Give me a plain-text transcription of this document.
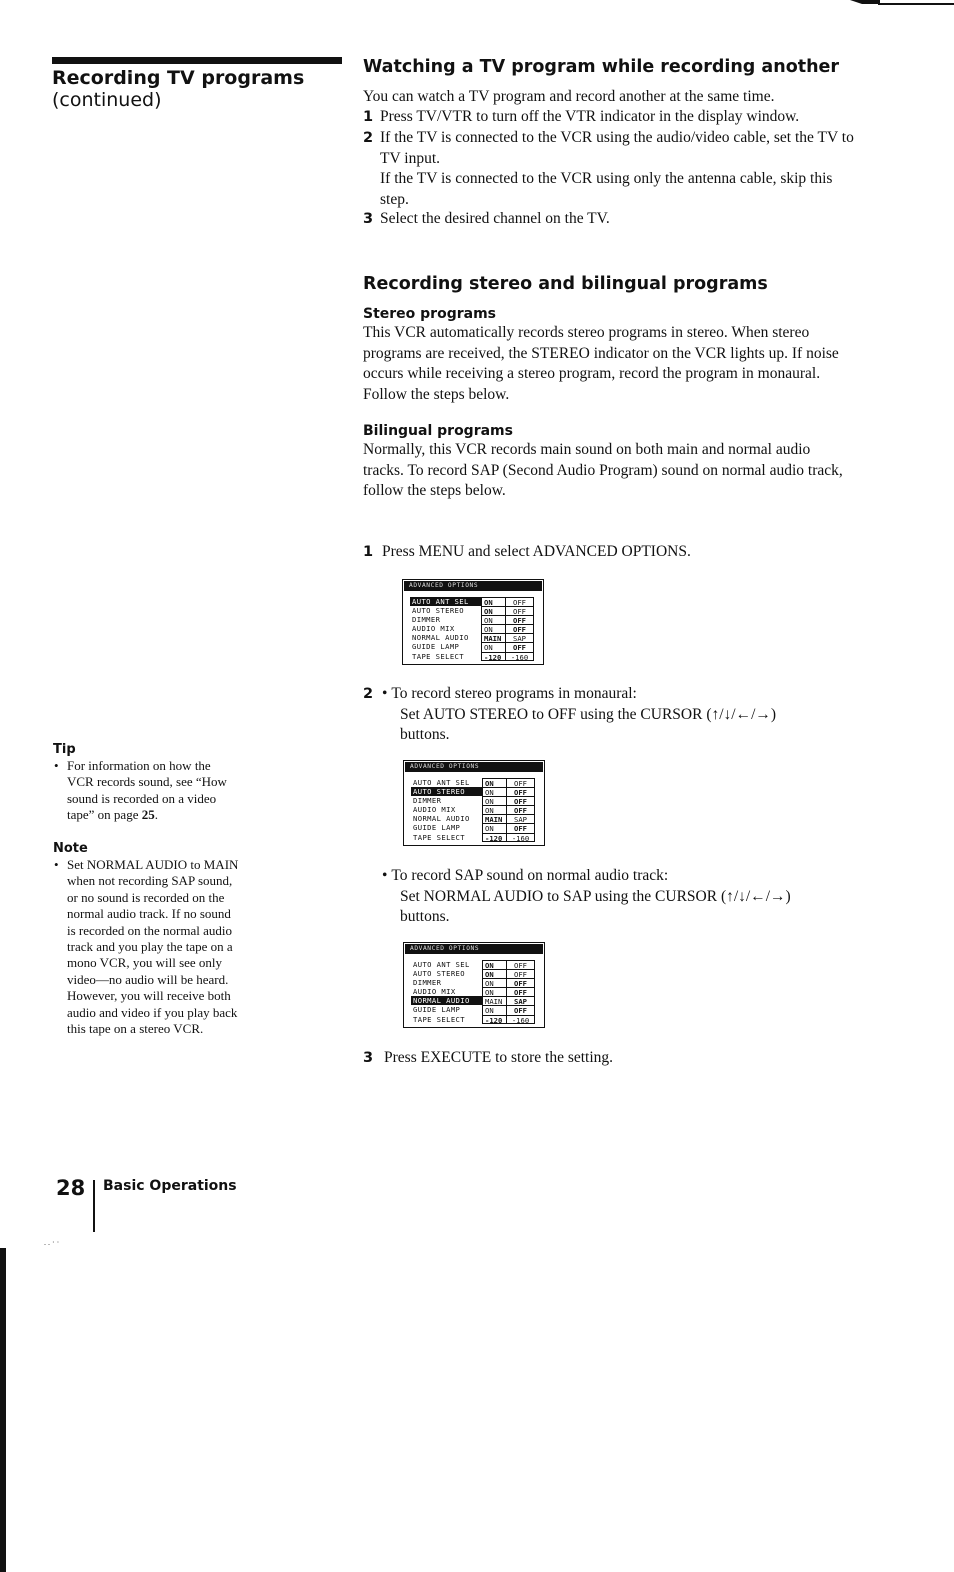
Recording TV programs
(continued)
Tip
• For information on how the VCR records sound, see “How sound is recorded on a video tape” on page 25.
Note
• Set NORMAL AUDIO to MAIN when not recording SAP sound, or no sound is recorded on the normal audio track. If no sound is recorded on the normal audio track and you play the tape on a mono VCR, you will see only video—no audio will be heard. However, you will receive both audio and video if you play back this tape on a stereo VCR.
Watching a TV program while recording another
You can watch a TV program and record another at the same time.
1 Press TV/VTR to turn off the VTR indicator in the display window.
2 If the TV is connected to the VCR using the audio/video cable, set the TV to TV input.
If the TV is connected to the VCR using only the antenna cable, skip this step.
3 Select the desired channel on the TV.
Recording stereo and bilingual programs
Stereo programs
This VCR automatically records stereo programs in stereo. When stereo programs are received, the STEREO indicator on the VCR lights up. If noise occurs while receiving a stereo program, record the program in monaural. Follow the steps below.
Bilingual programs
Normally, this VCR records main sound on both main and normal audio tracks. To record SAP (Second Audio Program) sound on normal audio track, follow the steps below.
1 Press MENU and select ADVANCED OPTIONS.
ADVANCED OPTIONS
AUTO ANT SEL	ON	OFF
AUTO STEREO	ON	OFF
DIMMER	ON	OFF
AUDIO MIX	ON	OFF
NORMAL AUDIO	MAIN	SAP
GUIDE LAMP	ON	OFF
TAPE SELECT	-120	-160
2 • To record stereo programs in monaural:
Set AUTO STEREO to OFF using the CURSOR (↑/↓/←/→)
buttons.
ADVANCED OPTIONS
AUTO ANT SEL	ON	OFF
AUTO STEREO	ON	OFF
DIMMER	ON	OFF
AUDIO MIX	ON	OFF
NORMAL AUDIO	MAIN	SAP
GUIDE LAMP	ON	OFF
TAPE SELECT	-120	-160
• To record SAP sound on normal audio track:
Set NORMAL AUDIO to SAP using the CURSOR (↑/↓/←/→)
buttons.
ADVANCED OPTIONS
AUTO ANT SEL	ON	OFF
AUTO STEREO	ON	OFF
DIMMER	ON	OFF
AUDIO MIX	ON	OFF
NORMAL AUDIO	MAIN	SAP
GUIDE LAMP	ON	OFF
TAPE SELECT	-120	-160
3 Press EXECUTE to store the setting.
28 Basic Operations
. . · ·
